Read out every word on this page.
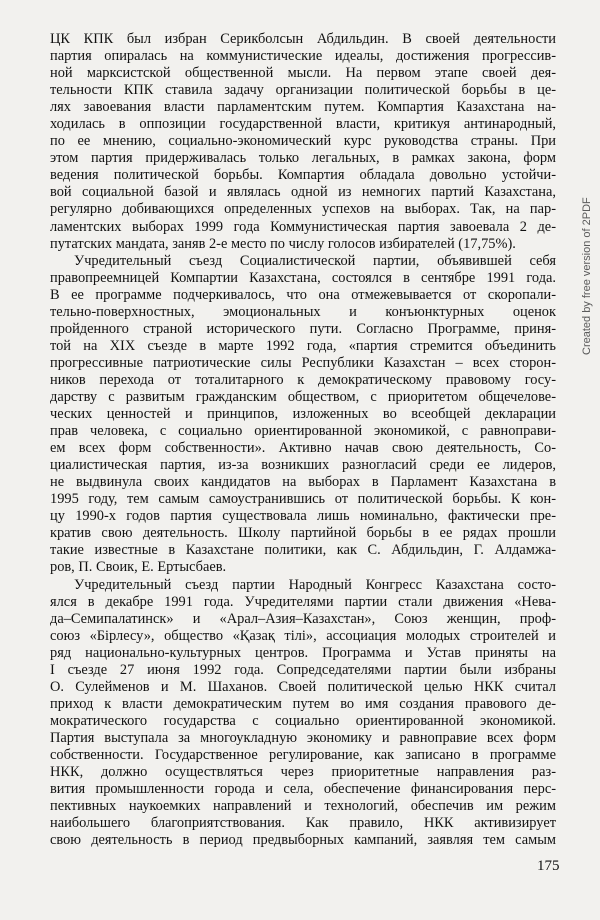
ЦК КПК был избран Серикболсын Абдильдин. В своей деятельности
партия опиралась на коммунистические идеалы, достижения прогрессив-
ной марксистской общественной мысли. На первом этапе своей дея-
тельности КПК ставила задачу организации политической борьбы в це-
лях завоевания власти парламентским путем. Компартия Казахстана на-
ходилась в оппозиции государственной власти, критикуя антинародный,
по ее мнению, социально-экономический курс руководства страны. При
этом партия придерживалась только легальных, в рамках закона, форм
ведения политической борьбы. Компартия обладала довольно устойчи-
вой социальной базой и являлась одной из немногих партий Казахстана,
регулярно добивающихся определенных успехов на выборах. Так, на пар-
ламентских выборах 1999 года Коммунистическая партия завоевала 2 де-
путатских мандата, заняв 2-е место по числу голосов избирателей (17,75%).
Учредительный съезд Социалистической партии, объявившей себя
правопреемницей Компартии Казахстана, состоялся в сентябре 1991 года.
В ее программе подчеркивалось, что она отмежевывается от скоропали-
тельно-поверхностных, эмоциональных и конъюнктурных оценок
пройденного страной исторического пути. Согласно Программе, приня-
той на XIX съезде в марте 1992 года, «партия стремится объединить
прогрессивные патриотические силы Республики Казахстан – всех сторон-
ников перехода от тоталитарного к демократическому правовому госу-
дарству с развитым гражданским обществом, с приоритетом общечелове-
ческих ценностей и принципов, изложенных во всеобщей декларации
прав человека, с социально ориентированной экономикой, с равноправи-
ем всех форм собственности». Активно начав свою деятельность, Со-
циалистическая партия, из-за возникших разногласий среди ее лидеров,
не выдвинула своих кандидатов на выборах в Парламент Казахстана в
1995 году, тем самым самоустранившись от политической борьбы. К кон-
цу 1990-х годов партия существовала лишь номинально, фактически пре-
кратив свою деятельность. Школу партийной борьбы в ее рядах прошли
такие известные в Казахстане политики, как С. Абдильдин, Г. Алдамжа-
ров, П. Своик, Е. Ертысбаев.
Учредительный съезд партии Народный Конгресс Казахстана состо-
ялся в декабре 1991 года. Учредителями партии стали движения «Нева-
да–Семипалатинск» и «Арал–Азия–Казахстан», Союз женщин, проф-
союз «Бірлесу», общество «Қазақ тілі», ассоциация молодых строителей и
ряд национально-культурных центров. Программа и Устав приняты на
I съезде 27 июня 1992 года. Сопредседателями партии были избраны
О. Сулейменов и М. Шаханов. Своей политической целью НКК считал
приход к власти демократическим путем во имя создания правового де-
мократического государства с социально ориентированной экономикой.
Партия выступала за многоукладную экономику и равноправие всех форм
собственности. Государственное регулирование, как записано в программе
НКК, должно осуществляться через приоритетные направления раз-
вития промышленности города и села, обеспечение финансирования перс-
пективных наукоемких направлений и технологий, обеспечив им режим
наибольшего благоприятствования. Как правило, НКК активизирует
свою деятельность в период предвыборных кампаний, заявляя тем самым
175
Created by free version of 2PDF
